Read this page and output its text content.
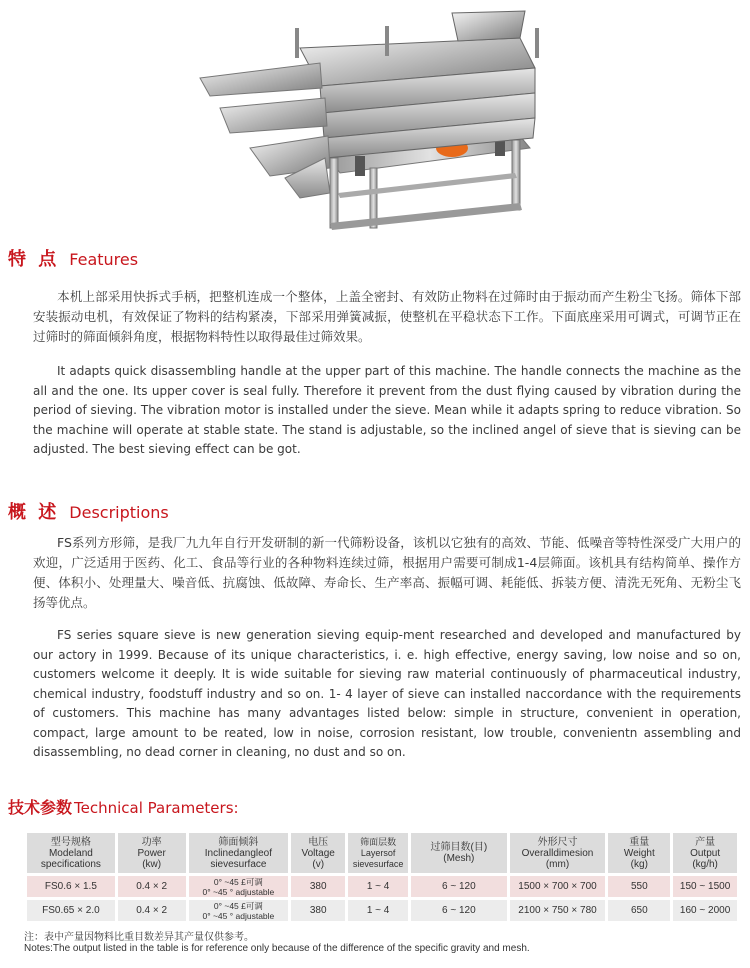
特 点 Features
本机上部采用快拆式手柄，把整机连成一个整体，上盖全密封、有效防止物料在过筛时由于振动而产生粉尘飞扬。筛体下部安装振动电机，有效保证了物料的结构紧凑，下部采用弹簧减振，使整机在平稳状态下工作。下面底座采用可调式，可调节正在过筛时的筛面倾斜角度，根据物料特性以取得最佳过筛效果。
It adapts quick disassembling handle at the upper part of this machine. The handle connects the machine as the all and the one. Its upper cover is seal fully. Therefore it prevent from the dust flying caused by vibration during the period of sieving. The vibration motor is installed under the sieve. Mean while it adapts spring to reduce vibration. So the machine will operate at stable state. The stand is adjustable, so the inclined angel of sieve that is sieving can be adjusted. The best sieving effect can be got.
概 述 Descriptions
FS系列方形筛，是我厂九九年自行开发研制的新一代筛粉设备，该机以它独有的高效、节能、低噪音等特性深受广大用户的欢迎，广泛适用于医药、化工、食品等行业的各种物料连续过筛，根据用户需要可制成1-4层筛面。该机具有结构简单、操作方便、体积小、处理量大、噪音低、抗腐蚀、低故障、寿命长、生产率高、振幅可调、耗能低、拆装方便、清洗无死角、无粉尘飞扬等优点。
FS series square sieve is new generation sieving equip-ment researched and developed and manufactured by our actory in 1999. Because of its unique characteristics, i. e. high effective, energy saving, low noise and so on, customers welcome it deeply. It is wide suitable for sieving raw material continuously of pharmaceutical industry, chemical industry, foodstuff industry and so on. 1- 4 layer of sieve can installed naccordance with the requirements of customers. This machine has many advantages listed below: simple in structure, convenient in operation, compact, large amount to be reated, low in noise, corrosion resistant, low trouble, convenientn assembling and disassembling, no dead corner in cleaning, no dust and so on.
技术参数 Technical Parameters:
型号规格
Modeland
specifications	功率
Power
(kw)	筛面倾斜
Inclinedangleof
sievesurface	电压
Voltage
(v)	筛面层数
Layersof
sievesurface	过筛目数(目)
(Mesh)	外形尺寸
Overalldimesion
(mm)	重量
Weight
(kg)	产量
Output
(kg/h)
FS0.6 × 1.5	0.4 × 2	0° ~45 £可调
0° ~45 ° adjustable	380	1 ~ 4	6 ~ 120	1500 × 700 × 700	550	150 ~ 1500
FS0.65 × 2.0	0.4 × 2	0° ~45 £可调
0° ~45 ° adjustable	380	1 ~ 4	6 ~ 120	2100 × 750 × 780	650	160 ~ 2000
注：表中产量因物料比重目数差异其产量仅供参考。
Notes:The output listed in the table is for reference only because of the difference of the specific gravity and mesh.
